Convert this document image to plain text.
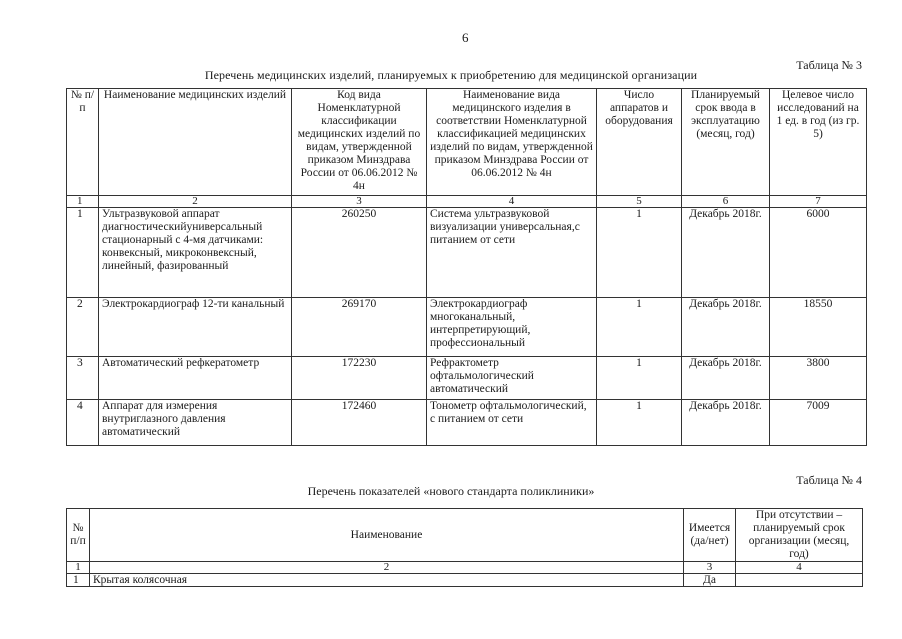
6
Таблица № 3
Перечень медицинских изделий, планируемых к приобретению для медицинской организации
№ п/п	Наименование медицинских изделий	Код вида Номенклатурной классификации медицинских изделий по видам, утвержденной приказом Минздрава России от 06.06.2012 № 4н	Наименование вида медицинского изделия в соответствии Номенклатурной классификацией медицинских изделий по видам, утвержденной приказом Минздрава России от 06.06.2012 № 4н	Число аппаратов и оборудования	Планируемый срок ввода в эксплуатацию (месяц, год)	Целевое число исследований на 1 ед. в год (из гр. 5)
1	2	3	4	5	6	7
1	Ультразвуковой аппарат диагностическийуниверсальный стационарный с 4-мя датчиками: конвексный, микроконвексный, линейный, фазированный	260250	Система ультразвуковой визуализации универсальная,с питанием от сети	1	Декабрь 2018г.	6000
2	Электрокардиограф 12-ти канальный	269170	Электрокардиограф многоканальный, интерпретирующий, профессиональный	1	Декабрь 2018г.	18550
3	Автоматический рефкератометр	172230	Рефрактометр офтальмологический автоматический	1	Декабрь 2018г.	3800
4	Аппарат для измерения внутриглазного давления автоматический	172460	Тонометр офтальмологический, с питанием от сети	1	Декабрь 2018г.	7009
Таблица № 4
Перечень показателей «нового стандарта поликлиники»
№ п/п	Наименование	Имеется (да/нет)	При отсутствии – планируемый срок организации (месяц, год)
1	2	3	4
1	Крытая колясочная	Да	
